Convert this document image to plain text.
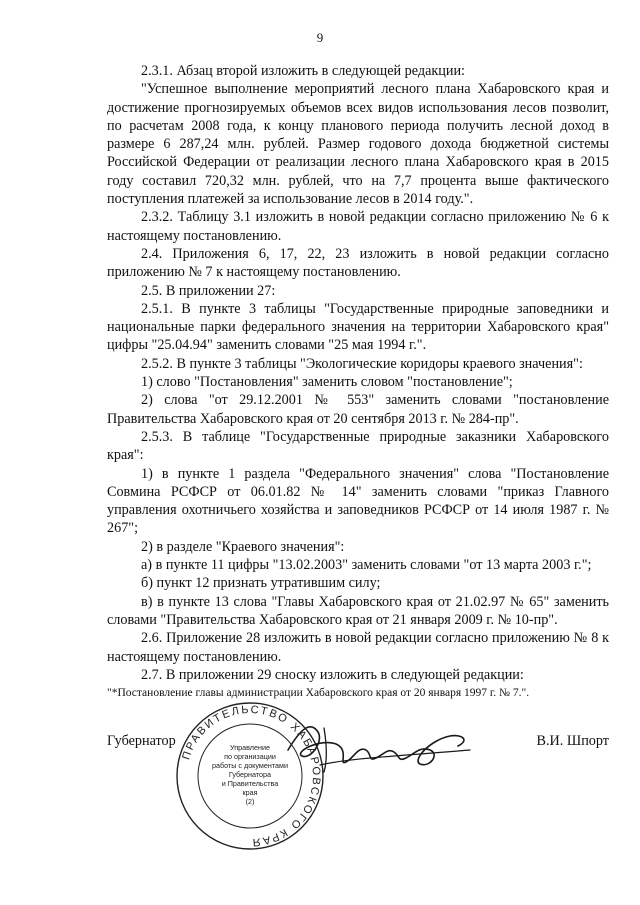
9

2.3.1. Абзац второй изложить в следующей редакции:

"Успешное выполнение мероприятий лесного плана Хабаровского края и достижение прогнозируемых объемов всех видов использования лесов позволит, по расчетам 2008 года, к концу планового периода получить лесной доход в размере 6 287,24 млн. рублей. Размер годового дохода бюджетной системы Российской Федерации от реализации лесного плана Хабаровского края в 2015 году составил 720,32 млн. рублей, что на 7,7 процента выше фактического поступления платежей за использование лесов в 2014 году.".

2.3.2. Таблицу 3.1 изложить в новой редакции согласно приложению № 6 к настоящему постановлению.

2.4. Приложения 6, 17, 22, 23 изложить в новой редакции согласно приложению № 7 к настоящему постановлению.

2.5. В приложении 27:

2.5.1. В пункте 3 таблицы "Государственные природные заповедники и национальные парки федерального значения на территории Хабаровского края" цифры "25.04.94" заменить словами "25 мая 1994 г.".

2.5.2. В пункте 3 таблицы "Экологические коридоры краевого значения":

1) слово "Постановления" заменить словом "постановление";

2) слова "от 29.12.2001 № 553" заменить словами "постановление Правительства Хабаровского края от 20 сентября 2013 г. № 284-пр".

2.5.3. В таблице "Государственные природные заказники Хабаровского края":

1) в пункте 1 раздела "Федерального значения" слова "Постановление Совмина РСФСР от 06.01.82 № 14" заменить словами "приказ Главного управления охотничьего хозяйства и заповедников РСФСР от 14 июля 1987 г. № 267";

2) в разделе "Краевого значения":

а) в пункте 11 цифры "13.02.2003" заменить словами "от 13 марта 2003 г.";

б) пункт 12 признать утратившим силу;

в) в пункте 13 слова "Главы Хабаровского края от 21.02.97 № 65" заменить словами "Правительства Хабаровского края от 21 января 2009 г. № 10-пр".

2.6. Приложение 28 изложить в новой редакции согласно приложению № 8 к настоящему постановлению.

2.7. В приложении 29 сноску изложить в следующей редакции:

"*Постановление главы администрации Хабаровского края от 20 января 1997 г. № 7.".

Губернатор	В.И. Шпорт
ПРАВИТЕЛЬСТВО ХАБАРОВСКОГО КРАЯ
Управление
по организации
работы с документами
Губернатора
и Правительства
края
(2)
